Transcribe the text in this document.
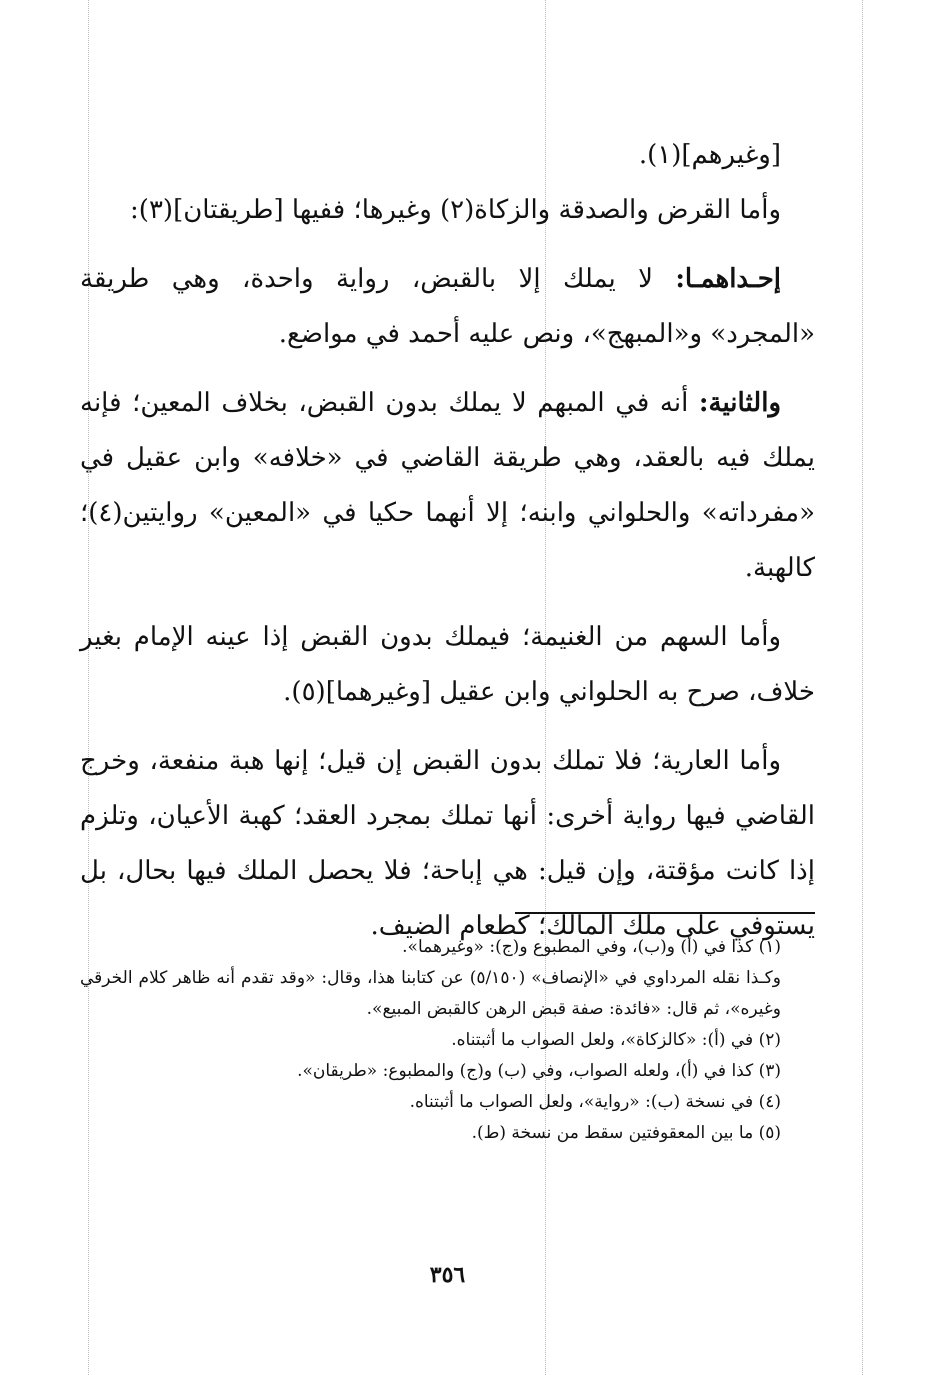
[وغيرهم](١).

وأما القرض والصدقة والزكاة(٢) وغيرها؛ ففيها [طريقتان](٣):

إحـداهمـا: لا يملك إلا بالقبض، رواية واحدة، وهي طريقة «المجرد» و«المبهج»، ونص عليه أحمد في مواضع.

والثانية: أنه في المبهم لا يملك بدون القبض، بخلاف المعين؛ فإنه يملك فيه بالعقد، وهي طريقة القاضي في «خلافه» وابن عقيل في «مفرداته» والحلواني وابنه؛ إلا أنهما حكيا في «المعين» روايتين(٤)؛ كالهبة.

وأما السهم من الغنيمة؛ فيملك بدون القبض إذا عينه الإمام بغير خلاف، صرح به الحلواني وابن عقيل [وغيرهما](٥).

وأما العارية؛ فلا تملك بدون القبض إن قيل؛ إنها هبة منفعة، وخرج القاضي فيها رواية أخرى: أنها تملك بمجرد العقد؛ كهبة الأعيان، وتلزم إذا كانت مؤقتة، وإن قيل: هي إباحة؛ فلا يحصل الملك فيها بحال، بل يستوفي على ملك المالك؛ كطعام الضيف.

(١) كذا في (أ) و(ب)، وفي المطبوع و(ج): «وغيرهما».

وكـذا نقله المرداوي في «الإنصاف» (٥/١٥٠) عن كتابنا هذا، وقال: «وقد تقدم أنه ظاهر كلام الخرقي وغيره»، ثم قال: «فائدة: صفة قبض الرهن كالقبض المبيع».

(٢) في (أ): «كالزكاة»، ولعل الصواب ما أثبتناه.

(٣) كذا في (أ)، ولعله الصواب، وفي (ب) و(ج) والمطبوع: «طريقان».

(٤) في نسخة (ب): «رواية»، ولعل الصواب ما أثبتناه.

(٥) ما بين المعقوفتين سقط من نسخة (ط).

٣٥٦
